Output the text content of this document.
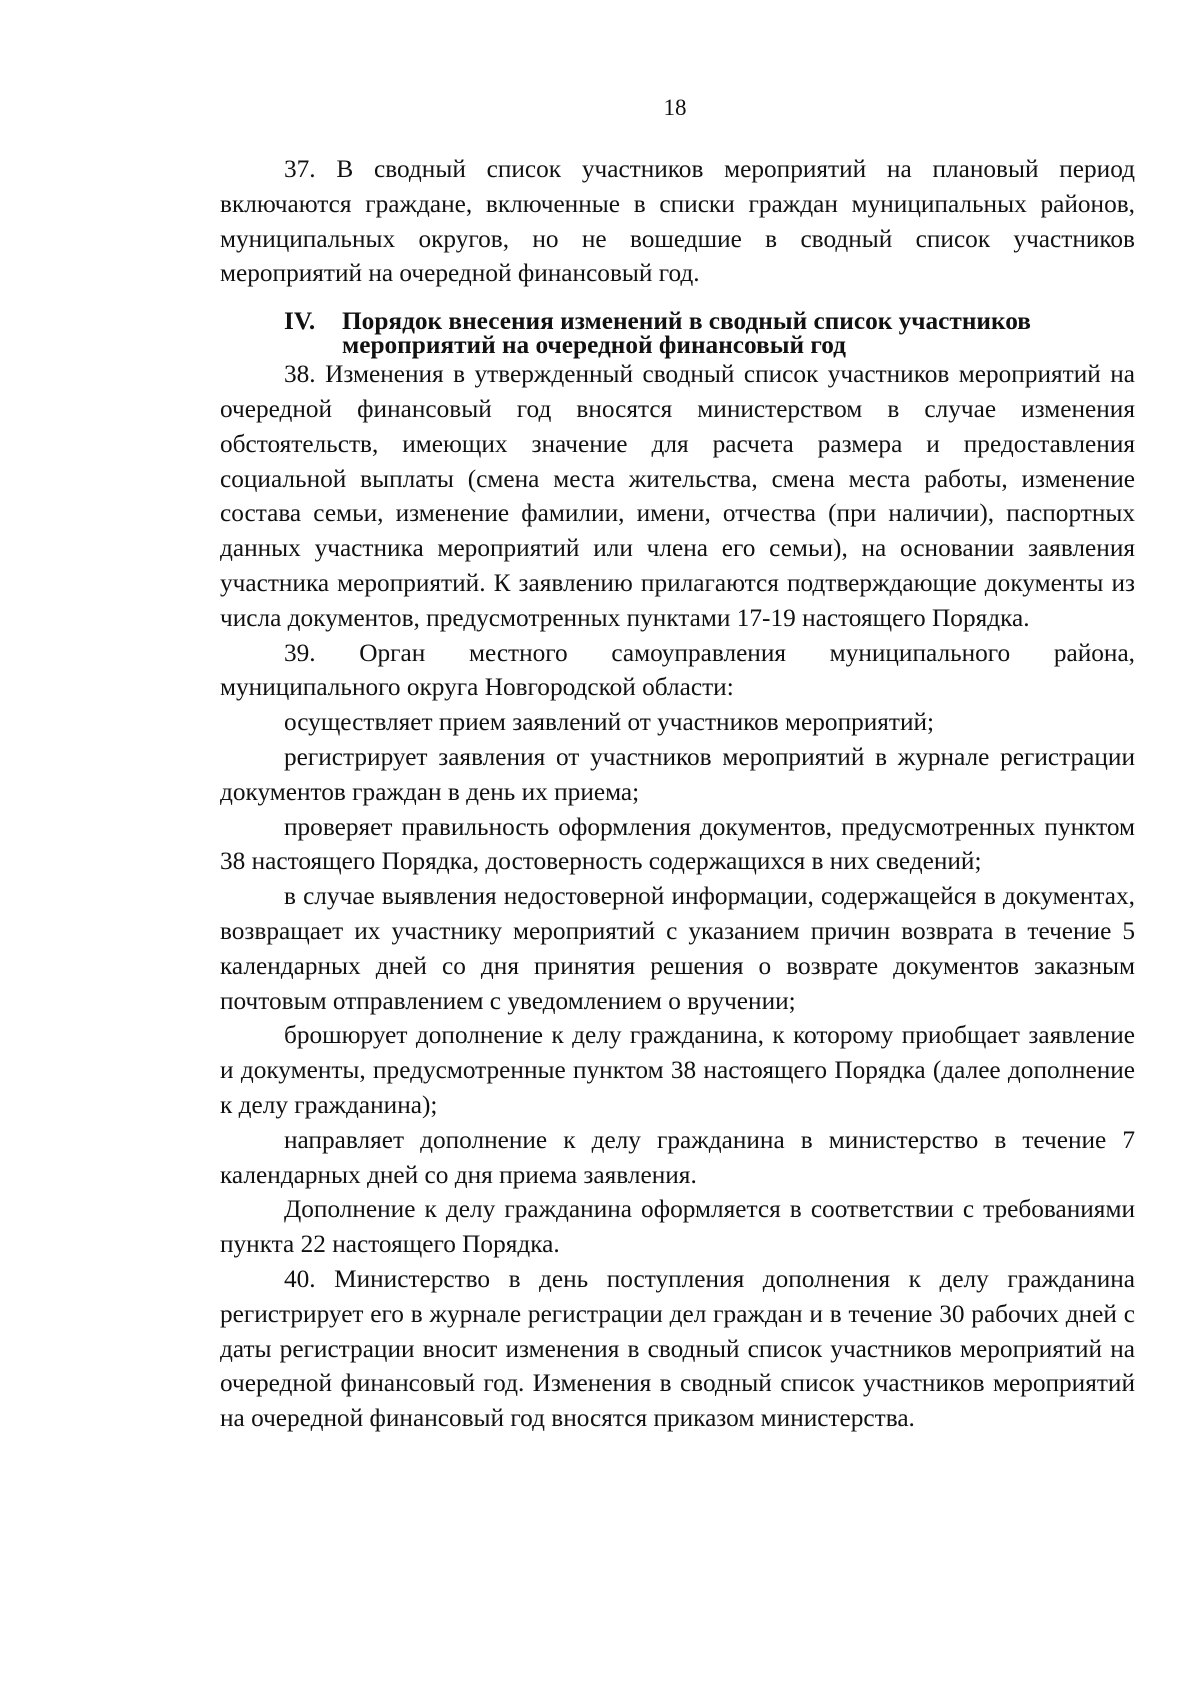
18

37. В сводный список участников мероприятий на плановый период включаются граждане, включенные в списки граждан муниципальных районов, муниципальных округов, но не вошедшие в сводный список участников мероприятий на очередной финансовый год.

IV.	Порядок внесения изменений в сводный список участников мероприятий на очередной финансовый год

38. Изменения в утвержденный сводный список участников мероприятий на очередной финансовый год вносятся министерством в случае изменения обстоятельств, имеющих значение для расчета размера и предоставления социальной выплаты (смена места жительства, смена места работы, изменение состава семьи, изменение фамилии, имени, отчества (при наличии), паспортных данных участника мероприятий или члена его семьи), на основании заявления участника мероприятий. К заявлению прилагаются подтверждающие документы из числа документов, предусмотренных пунктами 17-19 настоящего Порядка.

39. Орган местного самоуправления муниципального района, муниципального округа Новгородской области:

осуществляет прием заявлений от участников мероприятий;

регистрирует заявления от участников мероприятий в журнале регистрации документов граждан в день их приема;

проверяет правильность оформления документов, предусмотренных пунктом 38 настоящего Порядка, достоверность содержащихся в них сведений;

в случае выявления недостоверной информации, содержащейся в документах, возвращает их участнику мероприятий с указанием причин возврата в течение 5 календарных дней со дня принятия решения о возврате документов заказным почтовым отправлением с уведомлением о вручении;

брошюрует дополнение к делу гражданина, к которому приобщает заявление и документы, предусмотренные пунктом 38 настоящего Порядка (далее дополнение к делу гражданина);

направляет дополнение к делу гражданина в министерство в течение 7 календарных дней со дня приема заявления.

Дополнение к делу гражданина оформляется в соответствии с требованиями пункта 22 настоящего Порядка.

40. Министерство в день поступления дополнения к делу гражданина регистрирует его в журнале регистрации дел граждан и в течение 30 рабочих дней с даты регистрации вносит изменения в сводный список участников мероприятий на очередной финансовый год. Изменения в сводный список участников мероприятий на очередной финансовый год вносятся приказом министерства.
